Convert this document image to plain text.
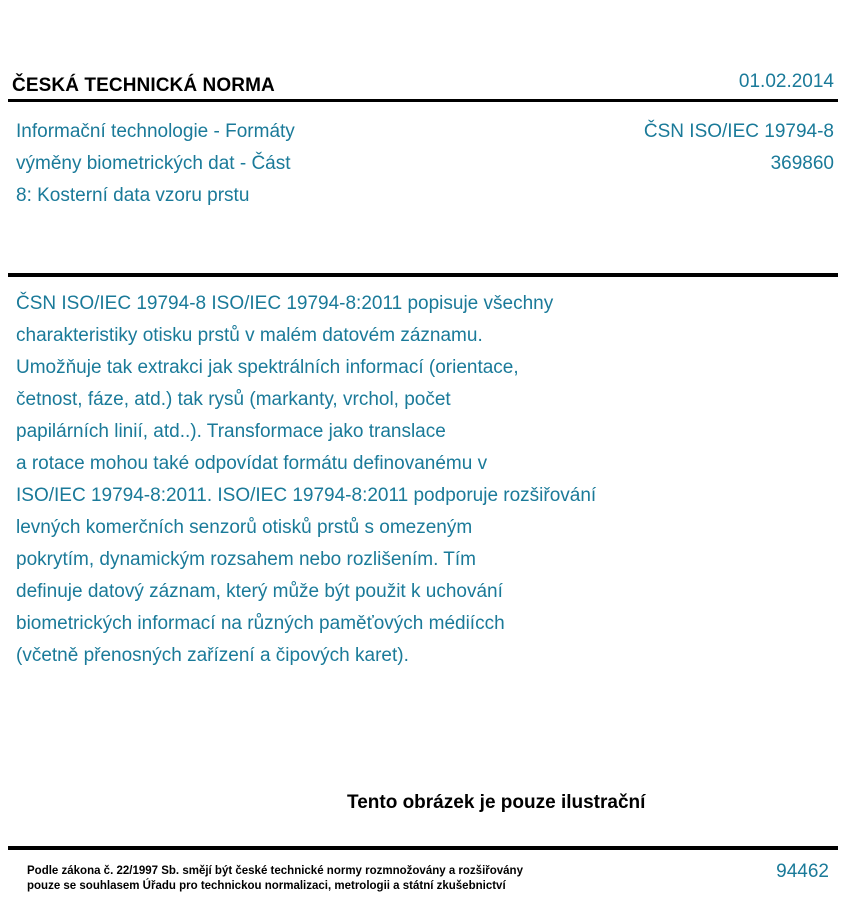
ČESKÁ TECHNICKÁ NORMA	01.02.2014
Informační technologie - Formáty
výměny biometrických dat - Část
8: Kosterní data vzoru prstu
ČSN ISO/IEC 19794-8
369860
ČSN ISO/IEC 19794-8 ISO/IEC 19794-8:2011 popisuje všechny
charakteristiky otisku prstů v malém datovém záznamu.
Umožňuje tak extrakci jak spektrálních informací (orientace,
četnost, fáze, atd.) tak rysů (markanty, vrchol, počet
papilárních linií, atd..). Transformace jako translace
a rotace mohou také odpovídat formátu definovanému v
ISO/IEC 19794-8:2011. ISO/IEC 19794-8:2011 podporuje rozšiřování
levných komerčních senzorů otisků prstů s omezeným
pokrytím, dynamickým rozsahem nebo rozlišením. Tím
definuje datový záznam, který může být použit k uchování
biometrických informací na různých paměťových médiícch
(včetně přenosných zařízení a čipových karet).
Tento obrázek je pouze ilustrační
Podle zákona č. 22/1997 Sb. smějí být české technické normy rozmnožovány a rozšiřovány
pouze se souhlasem Úřadu pro technickou normalizaci, metrologii a státní zkušebnictví
94462
